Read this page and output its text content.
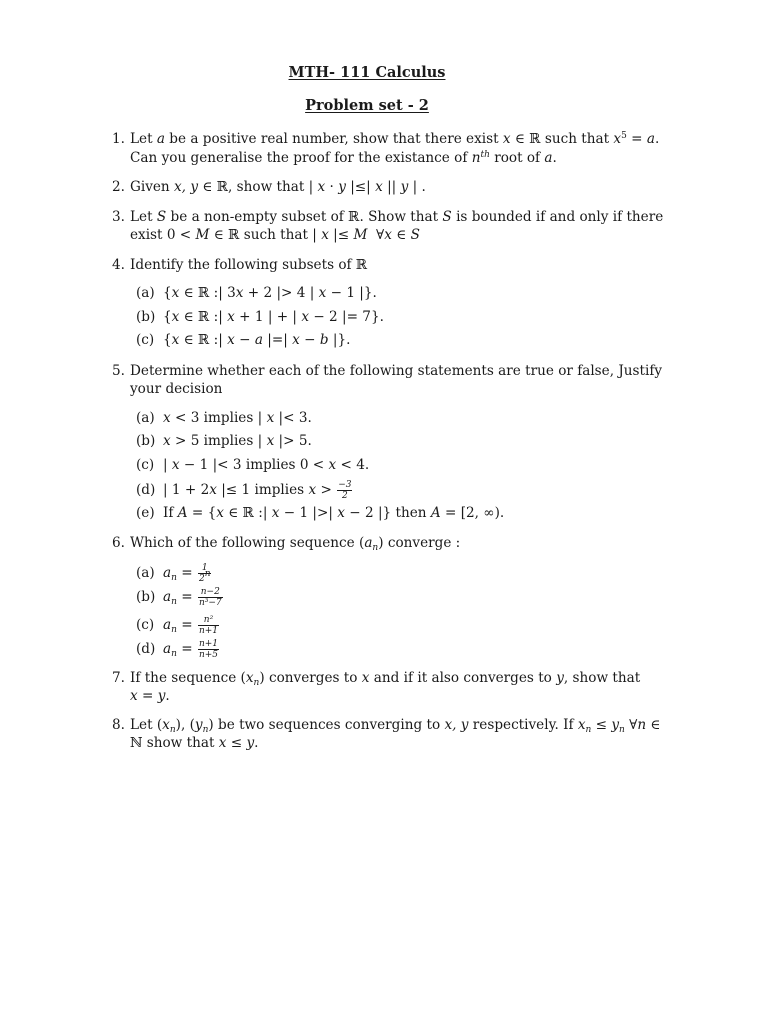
MTH- 111 Calculus
Problem set - 2
1. Let a be a positive real number, show that there exist x ∈ ℝ such that $x^5 = a$.
Can you generalise the proof for the existance of $n^{th}$ root of a.
2. Given x, y ∈ ℝ, show that | x · y |≤| x || y | .
3. Let S be a non-empty subset of ℝ. Show that S is bounded if and only if there
exist 0 < M ∈ ℝ such that | x |≤ M  ∀x ∈ S
4. Identify the following subsets of ℝ
(a) {x ∈ ℝ :| 3x + 2 |> 4 | x − 1 |}.
(b) {x ∈ ℝ :| x + 1 | + | x − 2 |= 7}.
(c) {x ∈ ℝ :| x − a |=| x − b |}.
5. Determine whether each of the following statements are true or false, Justify
your decision
(a) x < 3 implies | x |< 3.
(b) x > 5 implies | x |> 5.
(c) | x − 1 |< 3 implies 0 < x < 4.
(d) | 1 + 2x |≤ 1 implies $x > \frac{-3}{2}$
(e) If A = {x ∈ ℝ :| x − 1 |>| x − 2 |} then A = [2, ∞).
6. Which of the following sequence $(a_n)$ converge :
(a) $a_n = \frac{1}{2^n}$
(b) $a_n = \frac{n-2}{\text{n³−7}}$
(c) $a_n = \frac{\text{n²}}{n+1}$
(d) $a_n = \frac{n+1}{n+5}$
7. If the sequence $(x_n)$ converges to x and if it also converges to y, show that
x = y.
8. Let $(x_n)$, $(y_n)$ be two sequences converging to x, y respectively. If $x_n \le y_n$ ∀n ∈
ℕ show that x ≤ y.
